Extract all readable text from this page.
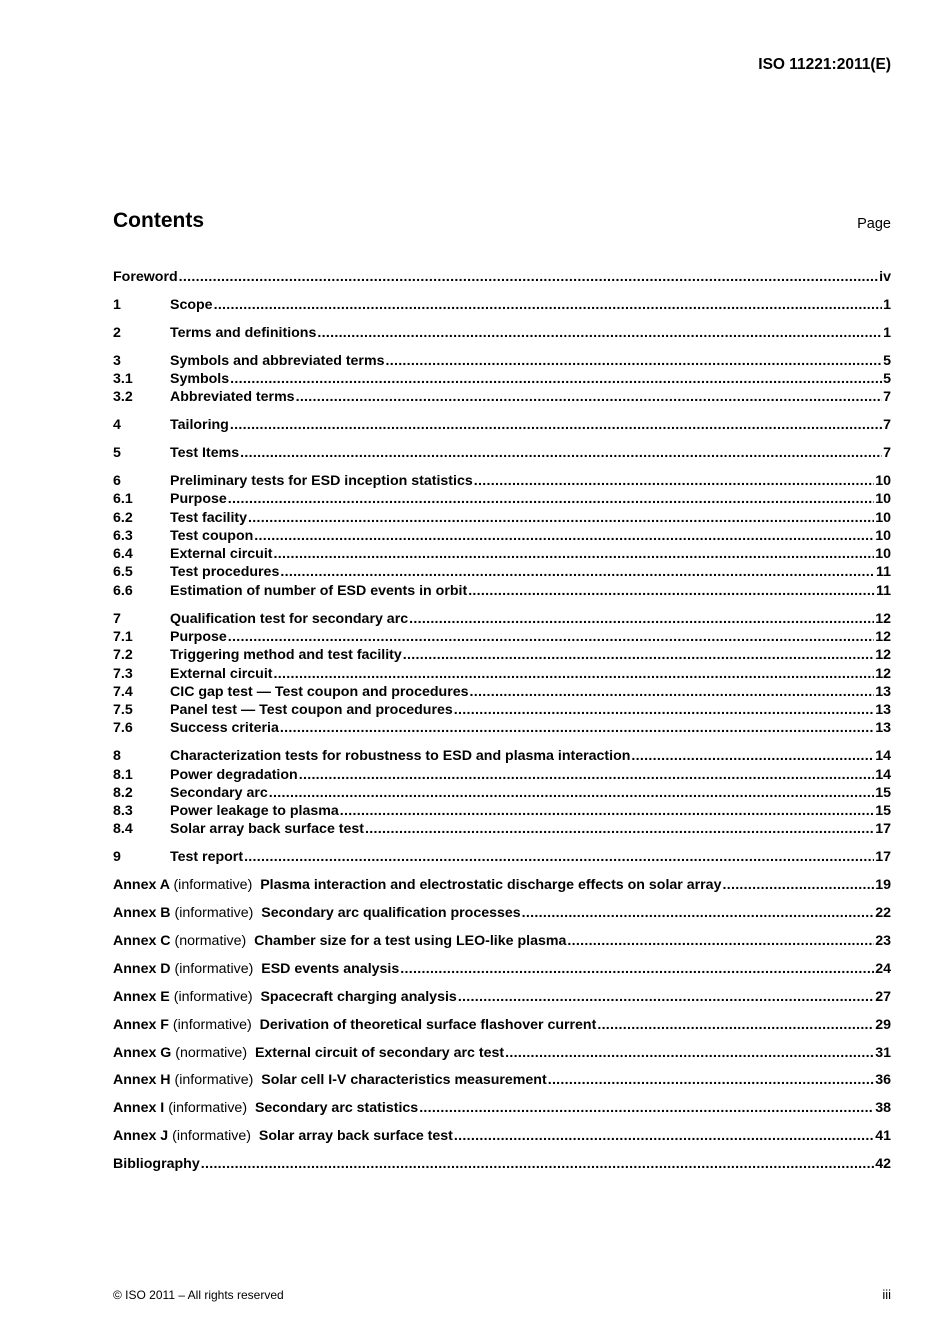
ISO 11221:2011(E)
Contents	Page
Foreword .....	iv
1	Scope .....	1
2	Terms and definitions .....	1
3	Symbols and abbreviated terms .....	5
3.1	Symbols .....	5
3.2	Abbreviated terms .....	7
4	Tailoring .....	7
5	Test Items .....	7
6	Preliminary tests for ESD inception statistics .....	10
6.1	Purpose .....	10
6.2	Test facility .....	10
6.3	Test coupon .....	10
6.4	External circuit .....	10
6.5	Test procedures .....	11
6.6	Estimation of number of ESD events in orbit .....	11
7	Qualification test for secondary arc .....	12
7.1	Purpose .....	12
7.2	Triggering method and test facility .....	12
7.3	External circuit .....	12
7.4	CIC gap test — Test coupon and procedures .....	13
7.5	Panel test — Test coupon and procedures .....	13
7.6	Success criteria .....	13
8	Characterization tests for robustness to ESD and plasma interaction .....	14
8.1	Power degradation .....	14
8.2	Secondary arc .....	15
8.3	Power leakage to plasma .....	15
8.4	Solar array back surface test .....	17
9	Test report .....	17
Annex A (informative) Plasma interaction and electrostatic discharge effects on solar array .....	19
Annex B (informative) Secondary arc qualification processes .....	22
Annex C (normative) Chamber size for a test using LEO-like plasma .....	23
Annex D (informative) ESD events analysis .....	24
Annex E (informative) Spacecraft charging analysis .....	27
Annex F (informative) Derivation of theoretical surface flashover current .....	29
Annex G (normative) External circuit of secondary arc test .....	31
Annex H (informative) Solar cell I-V characteristics measurement .....	36
Annex I (informative) Secondary arc statistics .....	38
Annex J (informative) Solar array back surface test .....	41
Bibliography .....	42
© ISO 2011 – All rights reserved	iii
